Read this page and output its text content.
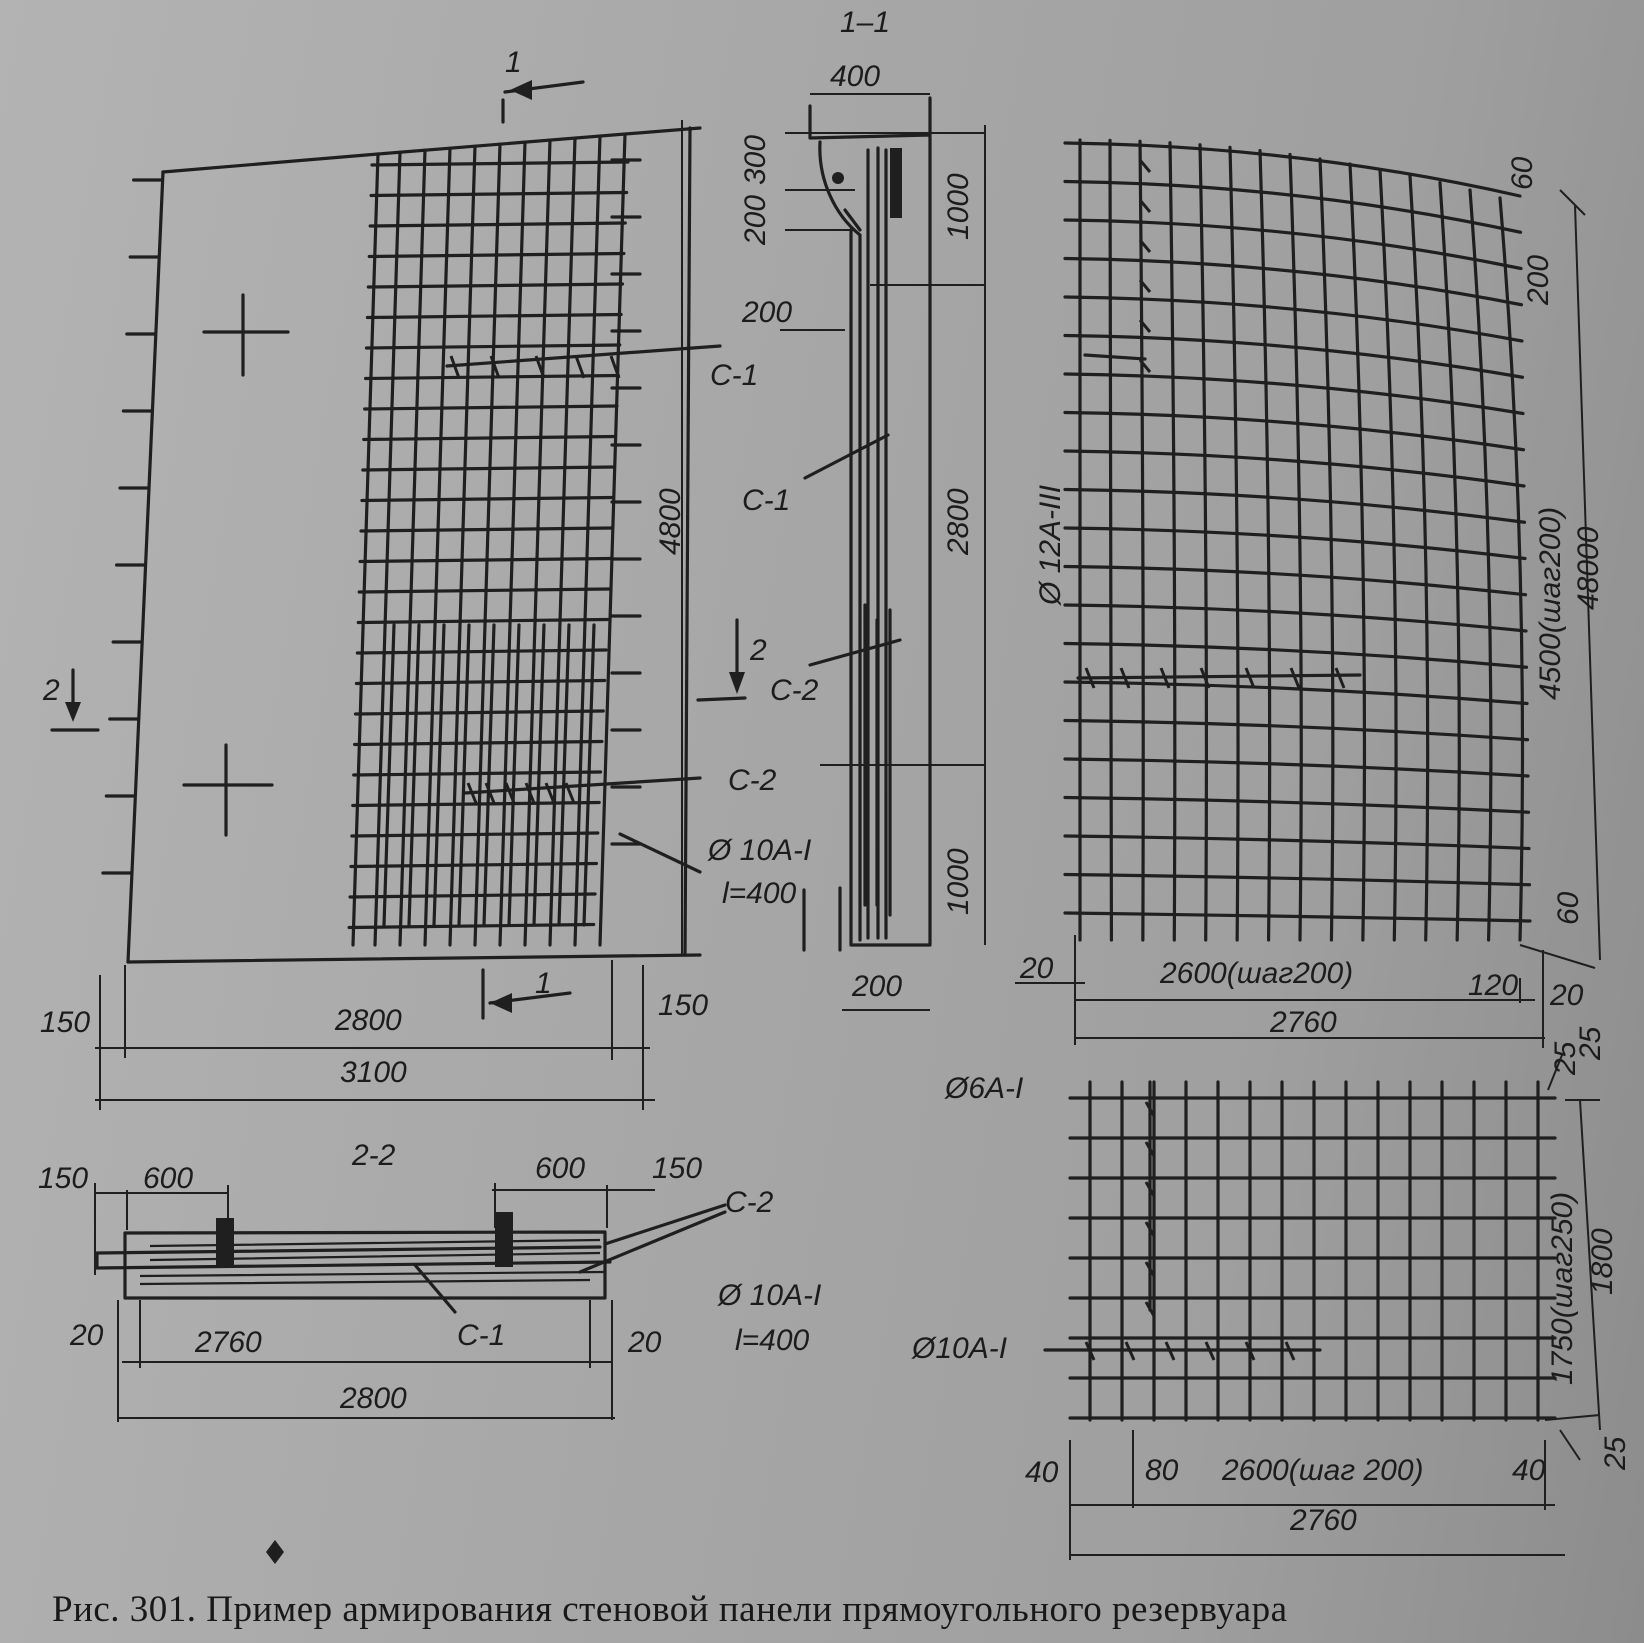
1
1
2
2
С-1
С-2
Ø 10А-I
l=400
150	2800	150
3100
4800
1–1
400
300
200	1000
200
2800
1000
200
С-1
С-2
2-2
150 600	600 150
С-2
Ø 10А-I
l=400
С-1
20	2760	20
2800
Ø 12А-III
60
200
4500(шаг200) 48000
60
20	2600(шаг200)	120 20
2760
Ø6А-I
Ø10А-I
25
25
1750(шаг250) 1800
25
40	80 2600(шаг 200)	40
2760
Рис. 301. Пример армирования стеновой панели прямоугольного резервуара
